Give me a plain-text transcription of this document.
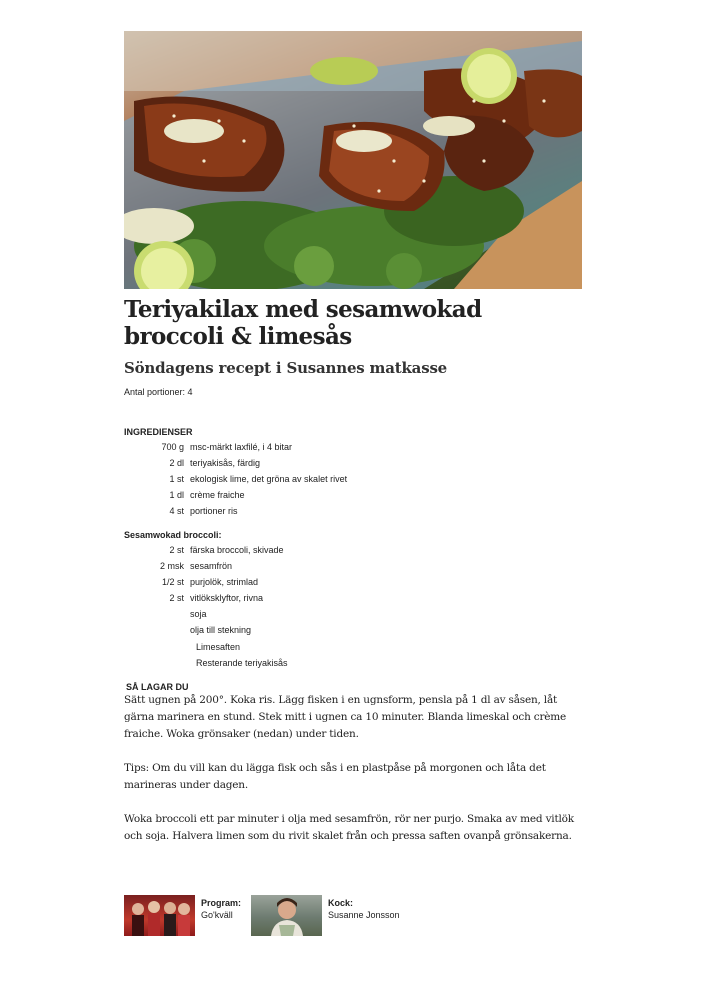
Teriyakilax med sesamwokad broccoli & limesås
Söndagens recept i Susannes matkasse
Antal portioner: 4
INGREDIENSER
700 g msc-märkt laxfilé, i 4 bitar
2 dl teriyakisås, färdig
1 st ekologisk lime, det gröna av skalet rivet
1 dl crème fraiche
4 st portioner ris
Sesamwokad broccoli:
2 st färska broccoli, skivade
2 msk sesamfrön
1/2 st purjolök, strimlad
2 st vitlöksklyftor, rivna
soja
olja till stekning
Limesaften
Resterande teriyakisås
SÅ LAGAR DU

Sätt ugnen på 200°. Koka ris. Lägg fisken i en ugnsform, pensla på 1 dl av såsen, låt gärna marinera en stund. Stek mitt i ugnen ca 10 minuter. Blanda limeskal och crème fraiche. Woka grönsaker (nedan) under tiden.

Tips: Om du vill kan du lägga fisk och sås i en plastpåse på morgonen och låta det marineras under dagen.

Woka broccoli ett par minuter i olja med sesamfrön, rör ner purjo. Smaka av med vitlök och soja. Halvera limen som du rivit skalet från och pressa saften ovanpå grönsakerna.

Program:
Go'kväll
Kock:
Susanne Jonsson
